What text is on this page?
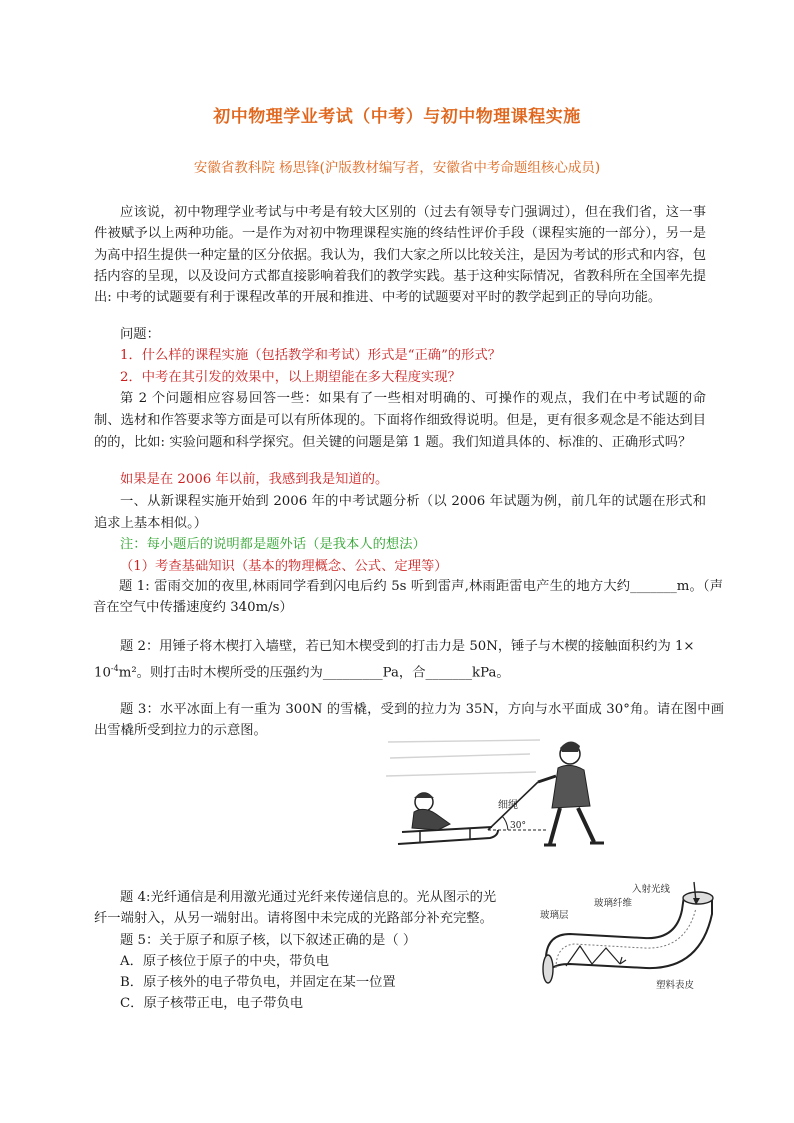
初中物理学业考试（中考）与初中物理课程实施
安徽省教科院 杨思锋(沪版教材编写者，安徽省中考命题组核心成员)
应该说，初中物理学业考试与中考是有较大区别的（过去有领导专门强调过），但在我们省，这一事件被赋予以上两种功能。一是作为对初中物理课程实施的终结性评价手段（课程实施的一部分），另一是为高中招生提供一种定量的区分依据。我认为，我们大家之所以比较关注，是因为考试的形式和内容，包括内容的呈现，以及设问方式都直接影响着我们的教学实践。基于这种实际情况，省教科所在全国率先提出: 中考的试题要有利于课程改革的开展和推进、中考的试题要对平时的教学起到正的导向功能。
问题：
1．什么样的课程实施（包括教学和考试）形式是“正确”的形式？
2．中考在其引发的效果中，以上期望能在多大程度实现？
第 2 个问题相应容易回答一些：如果有了一些相对明确的、可操作的观点，我们在中考试题的命制、选材和作答要求等方面是可以有所体现的。下面将作细致得说明。但是，更有很多观念是不能达到目的的，比如: 实验问题和科学探究。但关键的问题是第 1 题。我们知道具体的、标准的、正确形式吗？
如果是在 2006 年以前，我感到我是知道的。
一、从新课程实施开始到 2006 年的中考试题分析（以 2006 年试题为例，前几年的试题在形式和追求上基本相似。）
注：每小题后的说明都是题外话（是我本人的想法）
（1）考查基础知识（基本的物理概念、公式、定理等）
题 1: 雷雨交加的夜里,林雨同学看到闪电后约 5s 听到雷声,林雨距雷电产生的地方大约_______m。（声音在空气中传播速度约 340m/s）
题 2：用锤子将木楔打入墙壁，若已知木楔受到的打击力是 50N，锤子与木楔的接触面积约为 1×
$10^{-4}m^2$。则打击时木楔所受的压强约为_________Pa，合_______kPa。
题 3：水平冰面上有一重为 300N 的雪橇，受到的拉力为 35N，方向与水平面成 30°角。请在图中画出雪橇所受到拉力的示意图。
细绳
30°
题 4:光纤通信是利用激光通过光纤来传递信息的。光从图示的光
纤一端射入，从另一端射出。请将图中未完成的光路部分补充完整。
题 5：关于原子和原子核，以下叙述正确的是（ ）
A．原子核位于原子的中央，带负电
B．原子核外的电子带负电，并固定在某一位置
C．原子核带正电，电子带负电
入射光线
玻璃纤维
玻璃层
塑料表皮
